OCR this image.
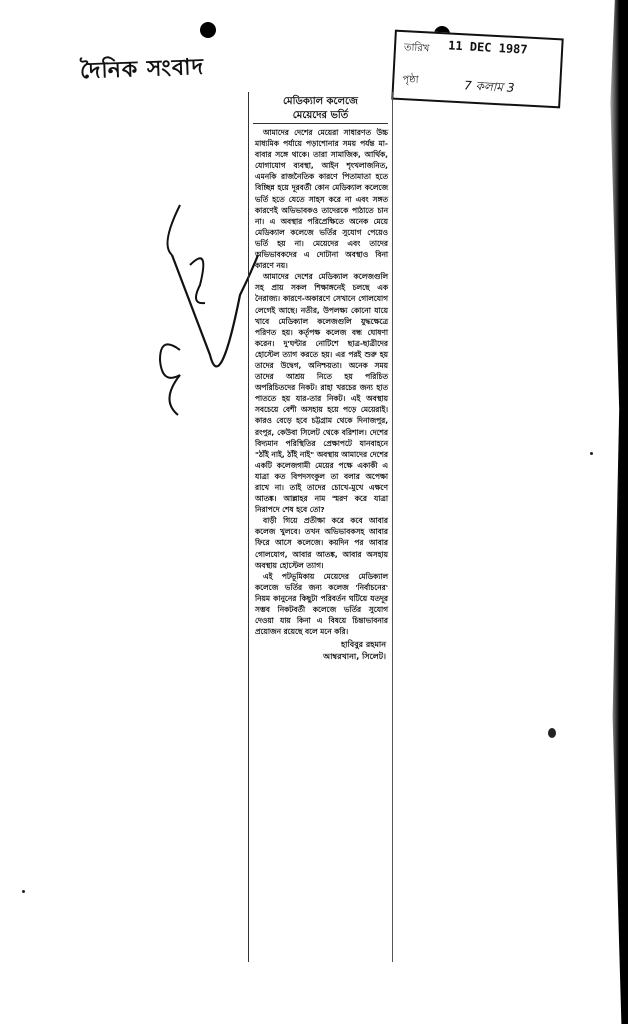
দৈনিক সংবাদ
তারিখ 11 DEC 1987
পৃষ্ঠা	7 কলাম 3
মেডিক্যাল কলেজে
মেয়েদের ভর্তি

আমাদের দেশের মেয়েরা সাধারণত উচ্চ মাধ্যমিক পর্যায়ে পড়াশোনার সময় পর্যন্ত মা-বাবার সঙ্গে থাকে। তারা সামাজিক, আর্থিক, যোগাযোগ ব্যবস্থা, আইন শৃংখলাজনিত, এমনকি রাজনৈতিক কারণে পিতামাতা হতে বিচ্ছিন্ন হয়ে দূরবর্তী কোন মেডিক্যাল কলেজে ভর্তি হতে যেতে সাহস করে না এবং সঙ্গত কারণেই অভিভাবকও তাদেরকে পাঠাতে চান না। এ অবস্থার পরিপ্রেক্ষিতে অনেক মেয়ে মেডিক্যাল কলেজে ভর্তির সুযোগ পেয়েও ভর্তি হয় না। মেয়েদের এবং তাদের অভিভাবকদের এ দোটানা অবস্থাও বিনা কারণে নয়।

আমাদের দেশের মেডিক্যাল কলেজগুলি সহ প্রায় সকল শিক্ষাঙ্গনেই চলছে এক নৈরাজ্য। কারণে-অকারণে সেখানে গোলযোগ লেগেই আছে। নতীর, উপলক্ষ্য কোনো যায়ে খাবে মেডিক্যাল কলেজগুলি যুদ্ধক্ষেত্রে পরিণত হয়। কর্তৃপক্ষ কলেজ বন্ধ ঘোষণা করেন। দু'ঘন্টার নোটিশে ছাত্র-ছাত্রীদের হোস্টেল ত্যাগ করতে হয়। এর পরই শুরু হয় তাদের উদ্বেগ, অনিশ্চয়তা। অনেক সময় তাদের আশ্রয় নিতে হয় পরিচিত অপরিচিতদের নিকট। রাহা খরচের জন্য হাত পাততে হয় যার-তার নিকট। এই অবস্থায় সবচেয়ে বেশী অসহায় হয়ে পড়ে মেয়েরাই। কারও বেড়ে হবে চট্টগ্রাম থেকে দিনাজপুর, রংপুর, কেউবা সিলেট থেকে বরিশাল। দেশের বিদ্যমান পরিস্থিতির প্রেক্ষাপটে যানবাহনে "ঠাঁই নাই, ঠাঁই নাই" অবস্থায় আমাদের দেশের একটি কলেজগামী মেয়ের পক্ষে একাকী এ যাত্রা কত বিপদসংকুল তা বলার অপেক্ষা রাখে না। তাই তাদের চোখে-মুখে এক্ষণে আতঙ্ক। আল্লাহর নাম স্মরণ করে যাত্রা নিরাপদে শেষ হবে তো?

বাড়ী গিয়ে প্রতীক্ষা করে কবে আবার কলেজ খুলবে। তখন অভিভাবকসহ আবার ফিরে আসে কলেজে। কয়দিন পর আবার গোলযোগ, আবার আতঙ্ক, আবার অসহায় অবস্থায় হোস্টেল ত্যাগ।

এই পটভূমিকায় মেয়েদের মেডিক্যাল কলেজে ভর্তির জন্য কলেজ 'নির্বাচনের' নিয়ম কানুনের কিছুটা পরিবর্তন ঘটিয়ে যতদূর সম্ভব নিকটবর্তী কলেজে ভর্তির সুযোগ দেওয়া যায় কিনা এ বিষয়ে চিন্তাভাবনার প্রয়োজন রয়েছে বলে মনে করি।

হাবিবুর রহমান
আম্বরখানা, সিলেট।
